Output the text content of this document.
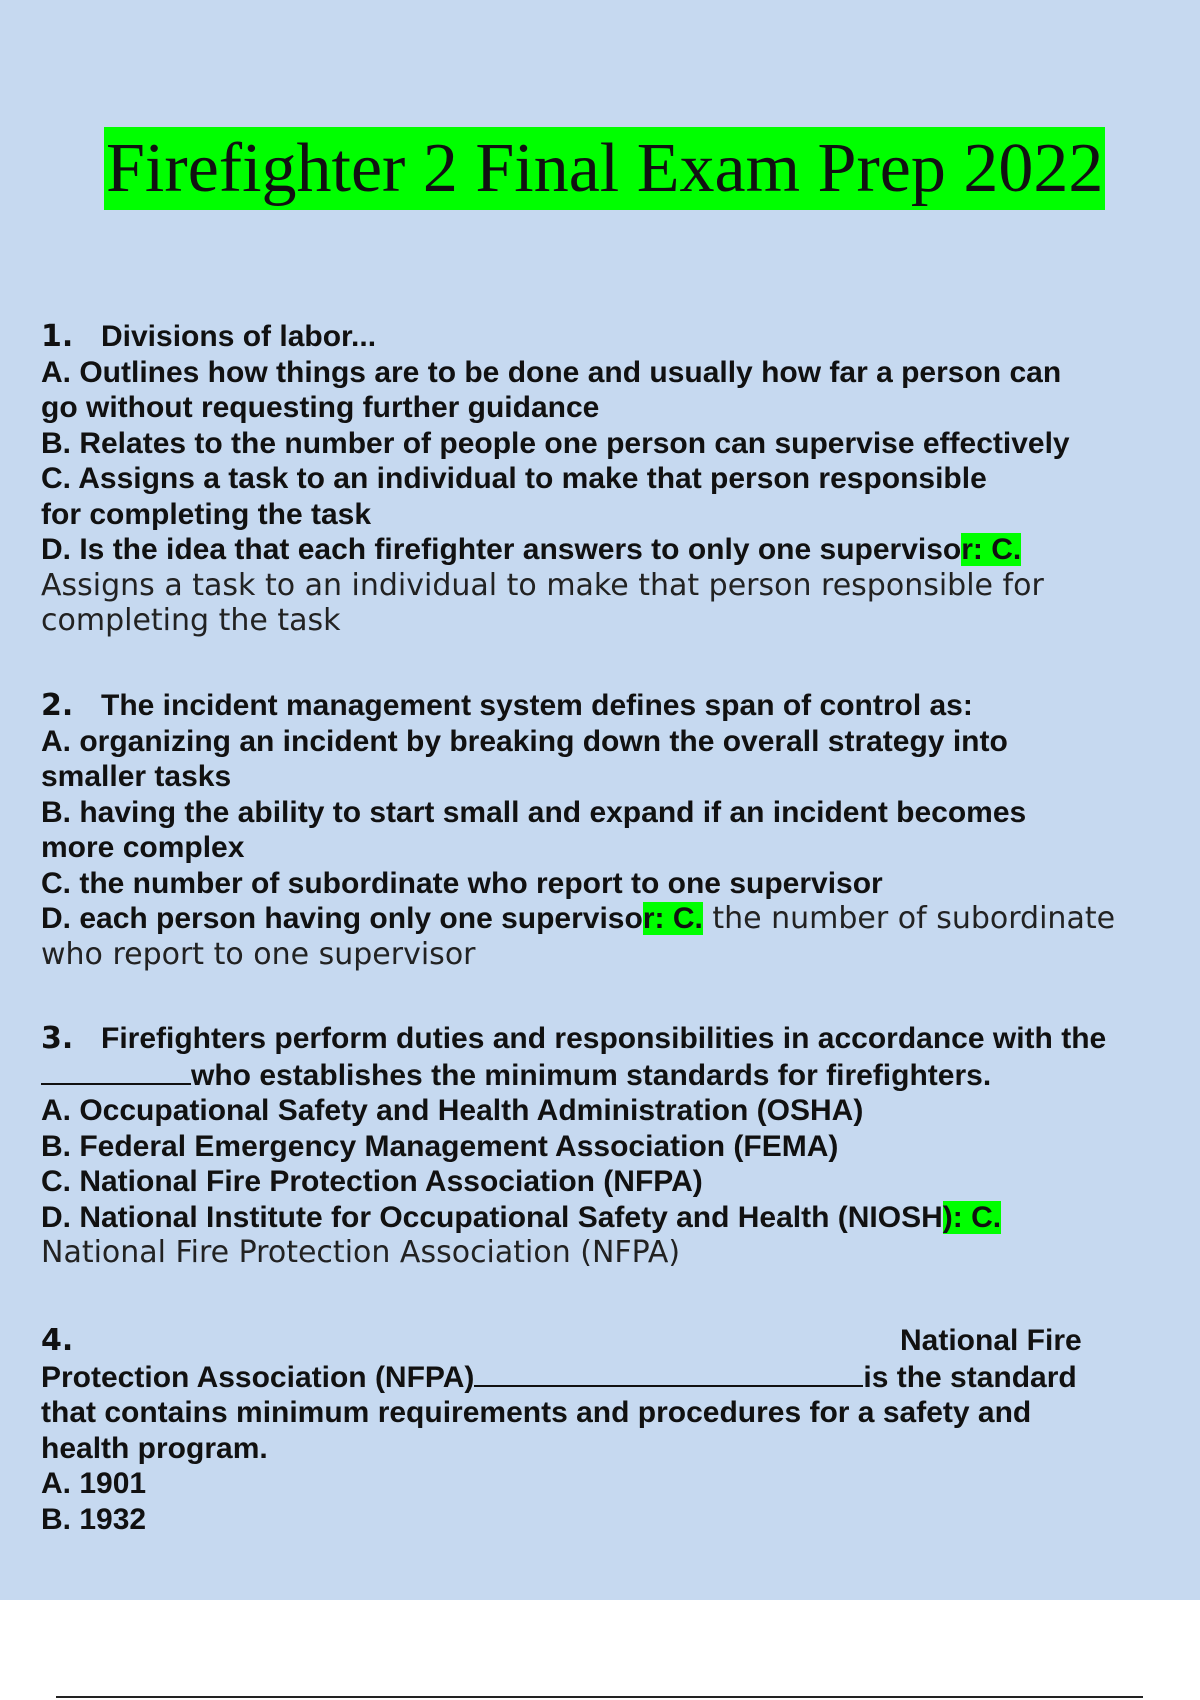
Firefighter 2 Final Exam Prep 2022
1. Divisions of labor...
A. Outlines how things are to be done and usually how far a person can
go without requesting further guidance
B. Relates to the number of people one person can supervise effectively
C. Assigns a task to an individual to make that person responsible
for completing the task
D. Is the idea that each firefighter answers to only one supervisor: C.
Assigns a task to an individual to make that person responsible for
completing the task
2. The incident management system defines span of control as:
A. organizing an incident by breaking down the overall strategy into
smaller tasks
B. having the ability to start small and expand if an incident becomes
more complex
C. the number of subordinate who report to one supervisor
D. each person having only one supervisor: C. the number of subordinate
who report to one supervisor
3. Firefighters perform duties and responsibilities in accordance with the
who establishes the minimum standards for firefighters.
A. Occupational Safety and Health Administration (OSHA)
B. Federal Emergency Management Association (FEMA)
C. National Fire Protection Association (NFPA)
D. National Institute for Occupational Safety and Health (NIOSH): C.
National Fire Protection Association (NFPA)
4.	National Fire
Protection Association (NFPA)	is the standard
that contains minimum requirements and procedures for a safety and
health program.
A. 1901
B. 1932
